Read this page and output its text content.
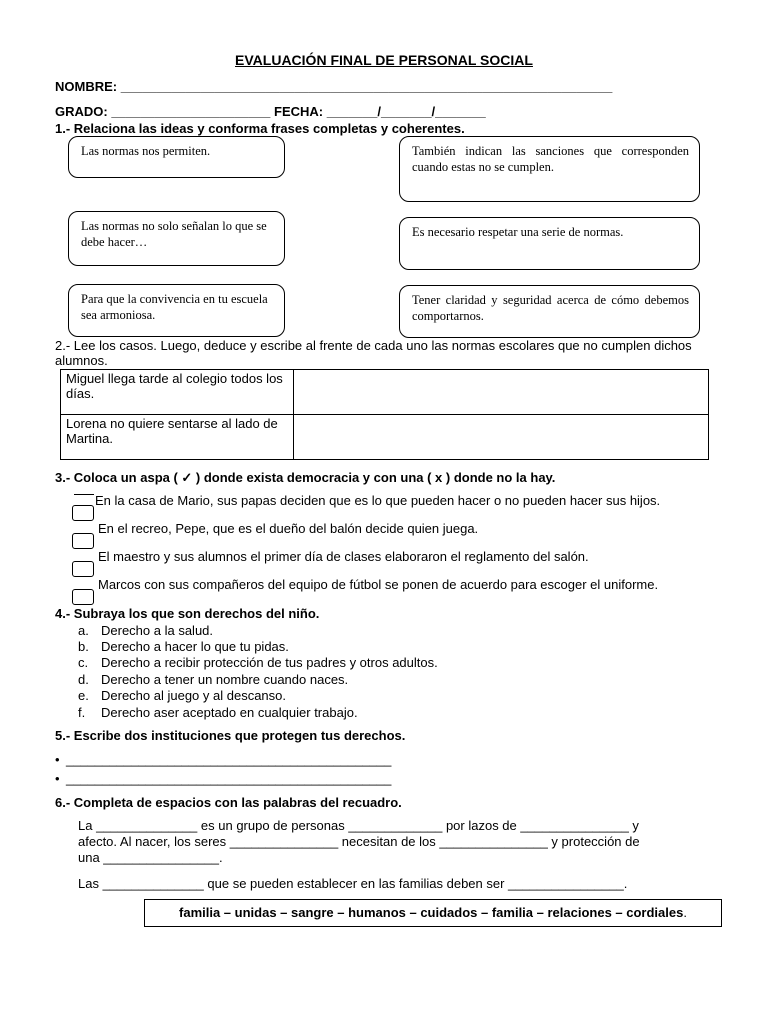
EVALUACIÓN FINAL DE PERSONAL SOCIAL
NOMBRE: ____________________________________________________________________
GRADO: ______________________ FECHA: _______/_______/_______
1.- Relaciona las ideas y conforma frases completas y coherentes.
Las normas nos permiten.
Las normas no solo señalan lo que se debe hacer…
Para que la convivencia en tu escuela sea armoniosa.
También indican las sanciones que corresponden cuando estas no se cumplen.
Es necesario respetar una serie de normas.
Tener claridad y seguridad acerca de cómo debemos comportarnos.
2.- Lee los casos. Luego, deduce y escribe al frente de cada uno las normas escolares que no cumplen dichos alumnos.
Miguel llega tarde al colegio todos los días.	
Lorena no quiere sentarse al lado de Martina.	
3.- Coloca un aspa ( ✓ ) donde exista democracia y con una ( x ) donde no la hay.
En la casa de Mario, sus papas deciden que es lo que pueden hacer o no pueden hacer sus hijos.
En el recreo, Pepe, que es el dueño del balón decide quien juega.
El maestro y sus alumnos el primer día de clases elaboraron el reglamento del salón.
Marcos con sus compañeros del equipo de fútbol se ponen de acuerdo para escoger el uniforme.
4.- Subraya los que son derechos del niño.
a. Derecho a la salud.
b. Derecho a hacer lo que tu pidas.
c. Derecho a recibir protección de tus padres y otros adultos.
d. Derecho a tener un nombre cuando naces.
e. Derecho al juego y al descanso.
f. Derecho aser aceptado en cualquier trabajo.
5.- Escribe dos instituciones que protegen tus derechos.
• _____________________________________________
• _____________________________________________
6.- Completa de espacios con las palabras del recuadro.
La ______________ es un grupo de personas _____________ por lazos de _______________ y
afecto. Al nacer, los seres _______________ necesitan de los _______________ y protección de
una ________________.
Las ______________ que se pueden establecer en las familias deben ser ________________.
familia – unidas – sangre – humanos – cuidados – familia – relaciones – cordiales.
